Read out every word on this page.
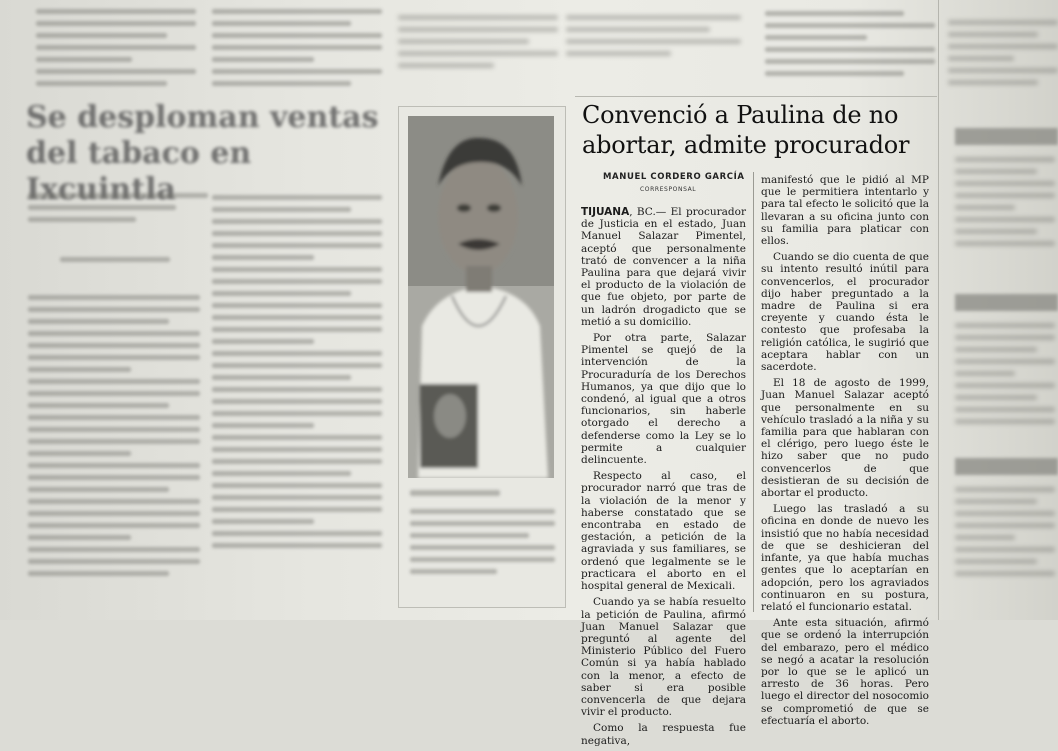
Se desploman ventas del tabaco en Ixcuintla
Convenció a Paulina de no abortar, admite procurador
MANUEL CORDERO GARCÍA
CORRESPONSAL

TIJUANA, BC.— El procurador de Justicia en el estado, Juan Manuel Salazar Pimentel, aceptó que personalmente trató de convencer a la niña Paulina para que dejará vivir el producto de la violación de que fue objeto, por parte de un ladrón drogadicto que se metió a su domicilio.

Por otra parte, Salazar Pimentel se quejó de la intervención de la Procuraduría de los Derechos Humanos, ya que dijo que lo condenó, al igual que a otros funcionarios, sin haberle otorgado el derecho a defenderse como la Ley se lo permite a cualquier delincuente.

Respecto al caso, el procurador narró que tras de la violación de la menor y haberse constatado que se encontraba en estado de gestación, a petición de la agraviada y sus familiares, se ordenó que legalmente se le practicara el aborto en el hospital general de Mexicali.

Cuando ya se había resuelto la petición de Paulina, afirmó Juan Manuel Salazar que preguntó al agente del Ministerio Público del Fuero Común si ya había hablado con la menor, a efecto de saber si era posible convencerla de que dejara vivir el producto.

Como la respuesta fue negativa,

manifestó que le pidió al MP que le permitiera intentarlo y para tal efecto le solicitó que la llevaran a su oficina junto con su familia para platicar con ellos.

Cuando se dio cuenta de que su intento resultó inútil para convencerlos, el procurador dijo haber preguntado a la madre de Paulina si era creyente y cuando ésta le contesto que profesaba la religión católica, le sugirió que aceptara hablar con un sacerdote.

El 18 de agosto de 1999, Juan Manuel Salazar aceptó que personalmente en su vehículo trasladó a la niña y su familia para que hablaran con el clérigo, pero luego éste le hizo saber que no pudo convencerlos de que desistieran de su decisión de abortar el producto.

Luego las trasladó a su oficina en donde de nuevo les insistió que no había necesidad de que se deshicieran del infante, ya que había muchas gentes que lo aceptarían en adopción, pero los agraviados continuaron en su postura, relató el funcionario estatal.

Ante esta situación, afirmó que se ordenó la interrupción del embarazo, pero el médico se negó a acatar la resolución por lo que se le aplicó un arresto de 36 horas. Pero luego el director del nosocomio se comprometió de que se efectuaría el aborto.
